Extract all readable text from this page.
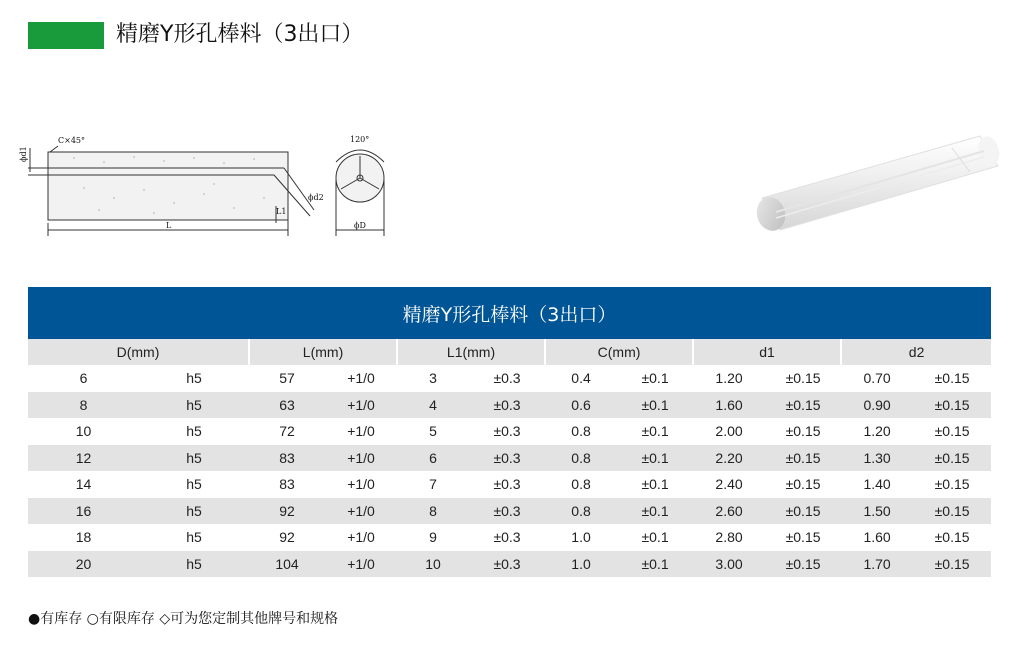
精磨Y形孔棒料（3出口）
C×45°
ϕd1
120°
ϕd2
L1
L	ϕD
精磨Y形孔棒料（3出口）
D(mm)		L(mm)		L1(mm)		C(mm)		d1		d2	
6	h5	57	+1/0	3	±0.3	0.4	±0.1	1.20	±0.15	0.70	±0.15
8	h5	63	+1/0	4	±0.3	0.6	±0.1	1.60	±0.15	0.90	±0.15
10	h5	72	+1/0	5	±0.3	0.8	±0.1	2.00	±0.15	1.20	±0.15
12	h5	83	+1/0	6	±0.3	0.8	±0.1	2.20	±0.15	1.30	±0.15
14	h5	83	+1/0	7	±0.3	0.8	±0.1	2.40	±0.15	1.40	±0.15
16	h5	92	+1/0	8	±0.3	0.8	±0.1	2.60	±0.15	1.50	±0.15
18	h5	92	+1/0	9	±0.3	1.0	±0.1	2.80	±0.15	1.60	±0.15
20	h5	104	+1/0	10	±0.3	1.0	±0.1	3.00	±0.15	1.70	±0.15
●有库存 ○有限库存 ◇可为您定制其他牌号和规格
